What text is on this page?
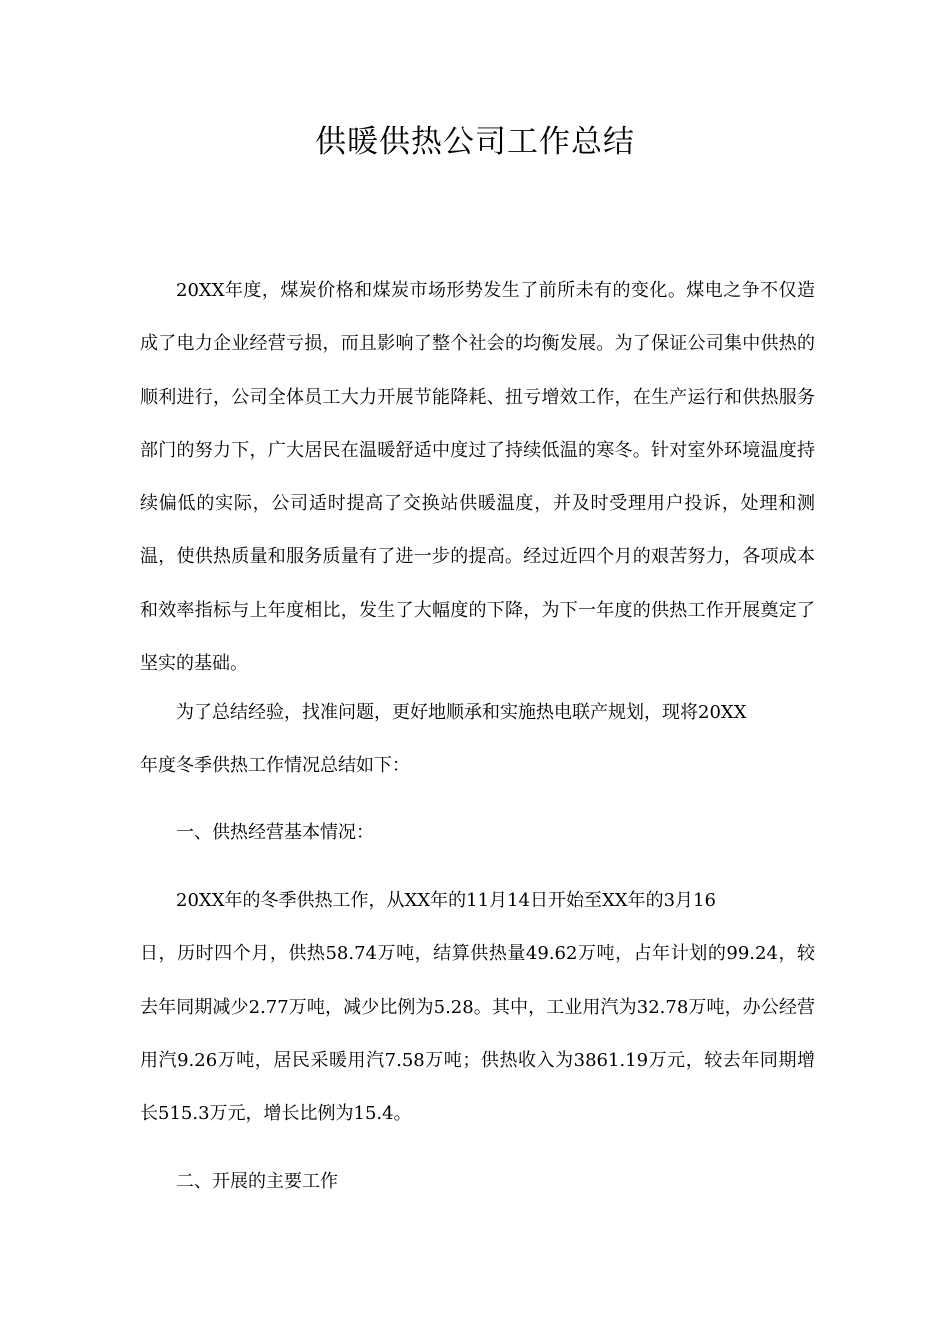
供暖供热公司工作总结

20XX年度，煤炭价格和煤炭市场形势发生了前所未有的变化。煤电之争不仅造成了电力企业经营亏损，而且影响了整个社会的均衡发展。为了保证公司集中供热的顺利进行，公司全体员工大力开展节能降耗、扭亏增效工作，在生产运行和供热服务部门的努力下，广大居民在温暖舒适中度过了持续低温的寒冬。针对室外环境温度持续偏低的实际，公司适时提高了交换站供暖温度，并及时受理用户投诉，处理和测温，使供热质量和服务质量有了进一步的提高。经过近四个月的艰苦努力，各项成本和效率指标与上年度相比，发生了大幅度的下降，为下一年度的供热工作开展奠定了坚实的基础。

为了总结经验，找准问题，更好地顺承和实施热电联产规划，现将20XX
年度冬季供热工作情况总结如下：

一、供热经营基本情况：

20XX年的冬季供热工作，从XX年的11月14日开始至XX年的3月16
日，历时四个月，供热58.74万吨，结算供热量49.62万吨，占年计划的99.24，较去年同期减少2.77万吨，减少比例为5.28。其中，工业用汽为32.78万吨，办公经营用汽9.26万吨，居民采暖用汽7.58万吨；供热收入为3861.19万元，较去年同期增长515.3万元，增长比例为15.4。

二、开展的主要工作
